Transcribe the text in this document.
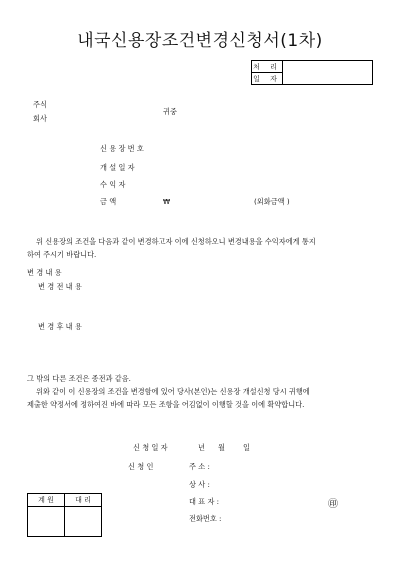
내국신용장조건변경신청서(1차)
처 리	
일 자
주식
회사
귀중
신 용 장 번 호
개 설 일 자
수 익 자
금 액	₩	(외화금액 )
위 신용장의 조건을 다음과 같이 변경하고자 이에 신청하오니 변경내용을 수익자에게 통지
하여 주시기 바랍니다.
변 경 내 용
변 경 전 내 용
변 경 후 내 용
그 밖의 다른 조건은 종전과 같음.
위와 같이 이 신용장의 조건을 변경함에 있어 당사(본인)는 신용장 개설신청 당시 귀행에
제출한 약정서에 정하여진 바에 따라 모든 조항을 어김없이 이행할 것을 이에 확약합니다.
신 청 일 자	년 월	일
신 청 인	주 소 :
상 사 :
대 표 자 :	㊞
전화번호 :
계 원	대 리
